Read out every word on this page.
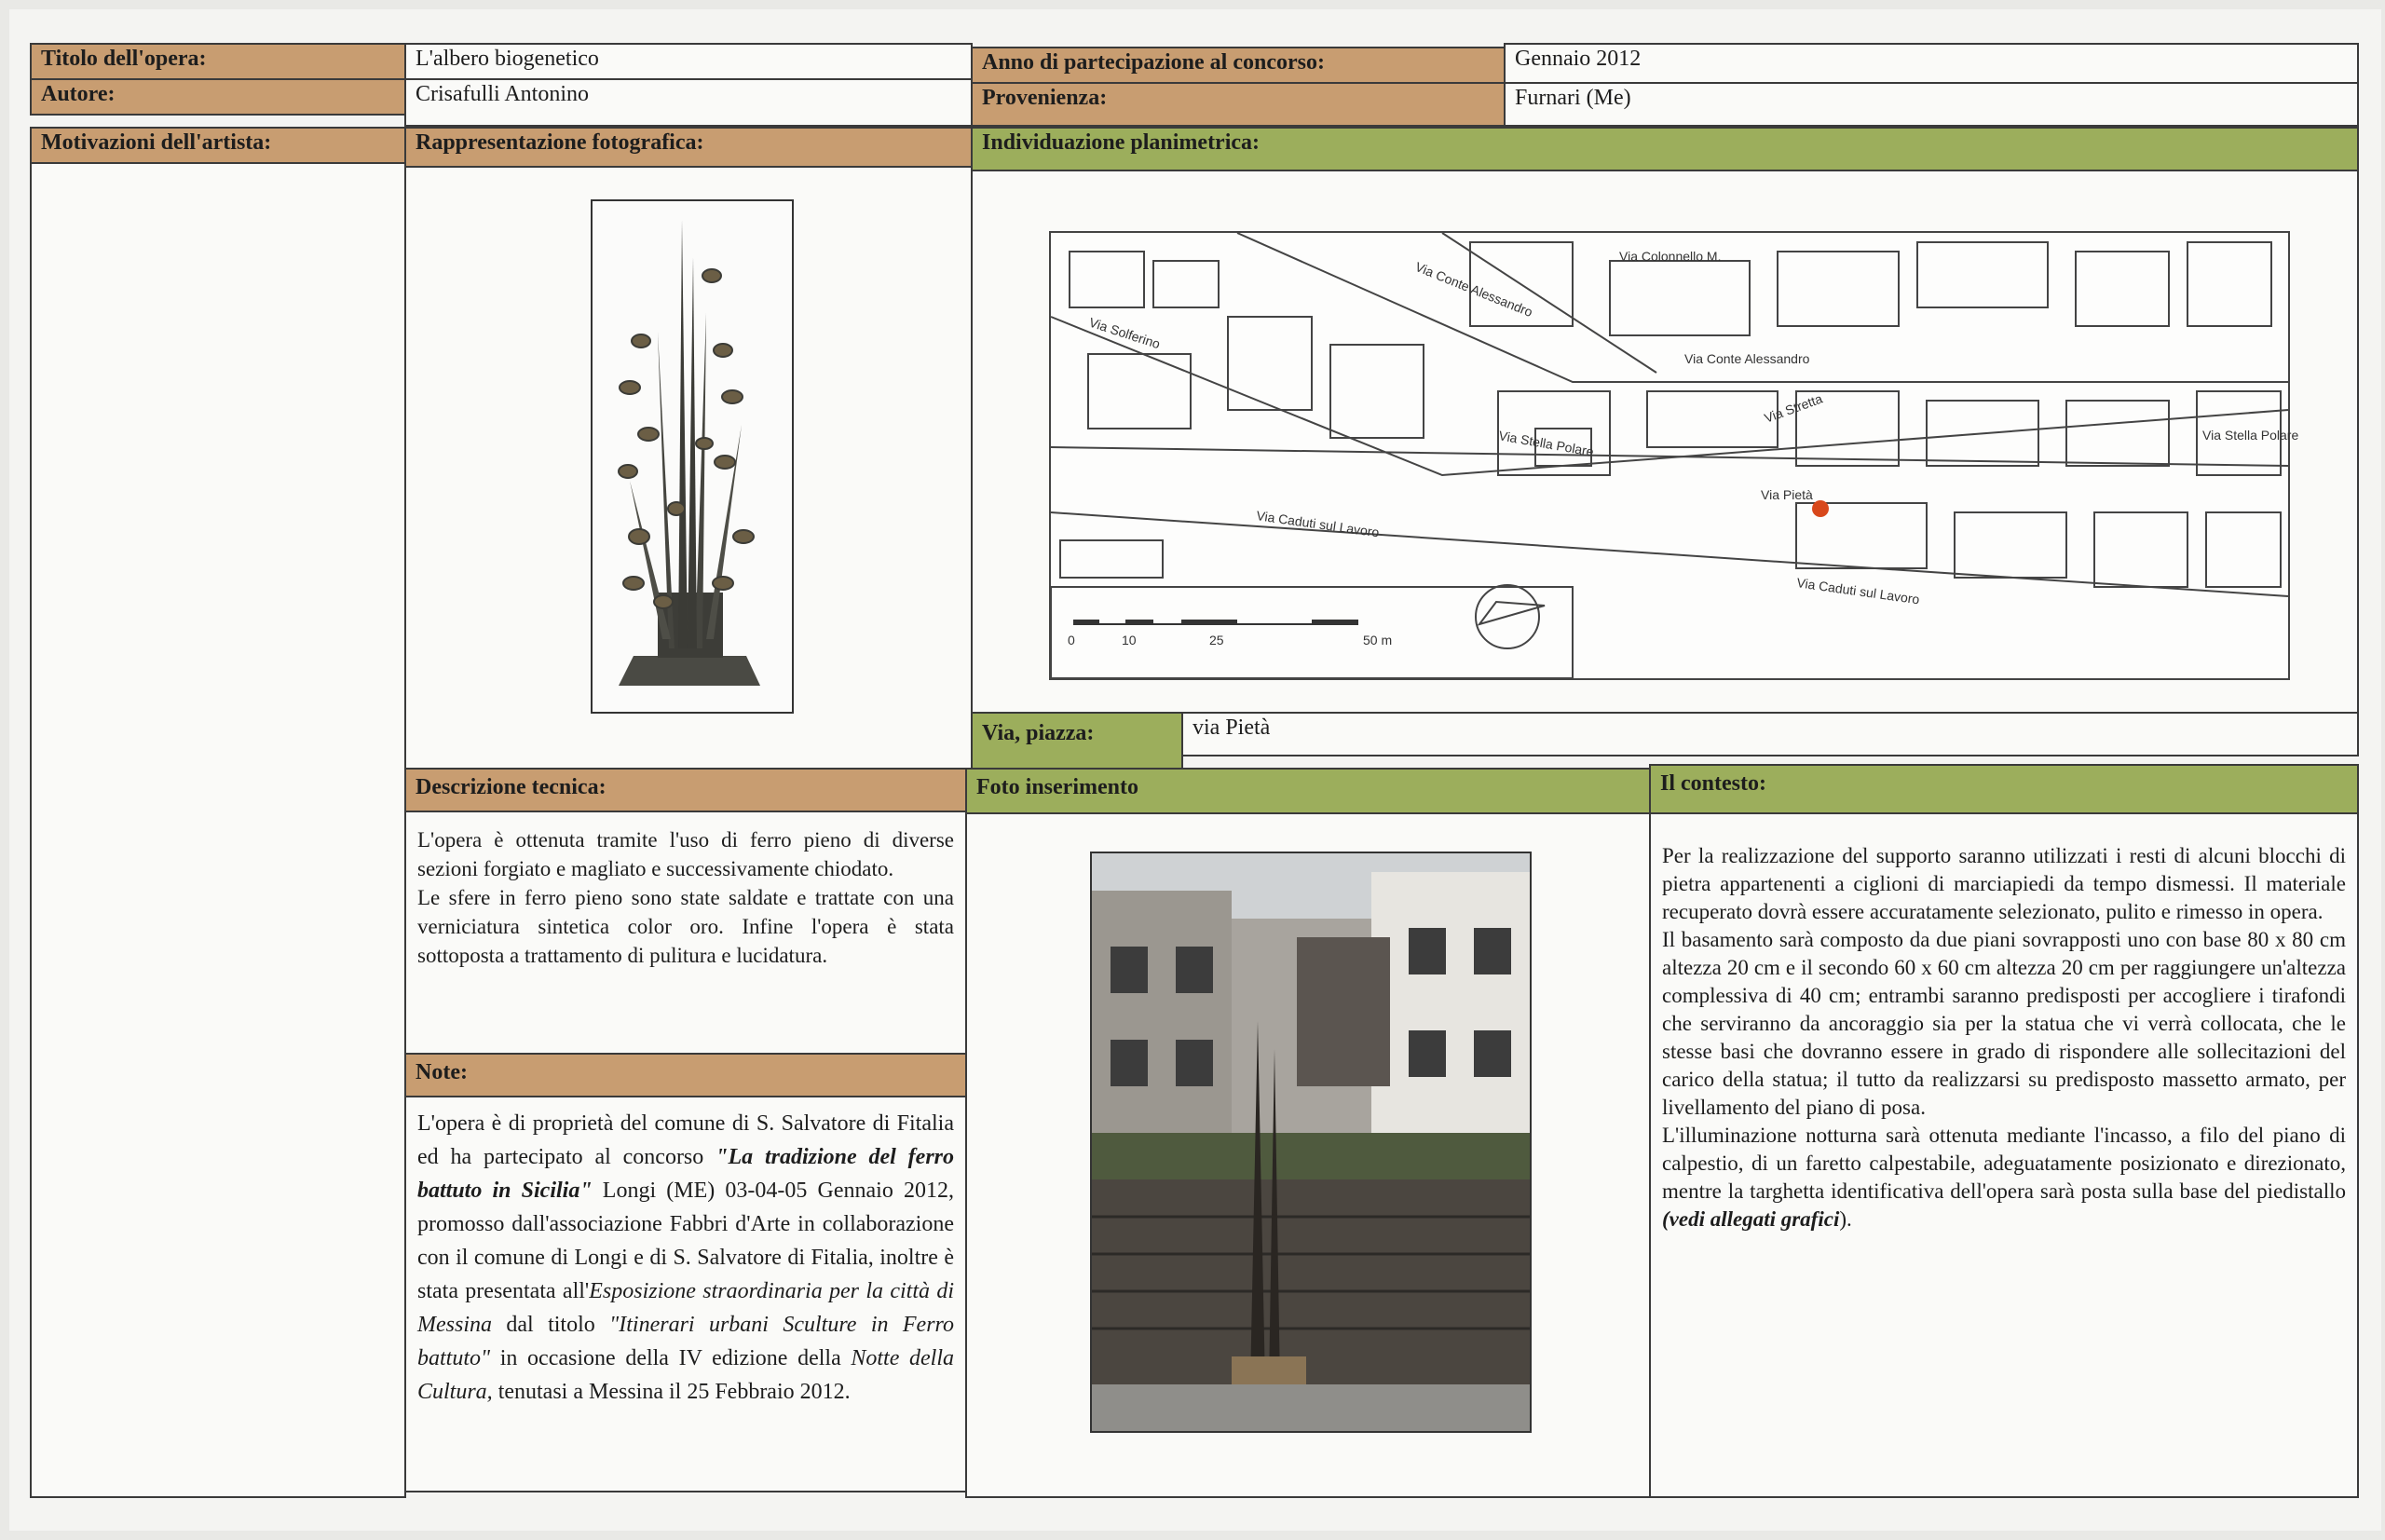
Titolo dell'opera:	L'albero biogenetico	Anno di partecipazione al concorso:	Gennaio 2012
Autore:	Crisafulli Antonino	Provenienza:	Furnari (Me)
Motivazioni dell'artista:	Rappresentazione fotografica:	Individuazione planimetrica:
0	10	25	50 m
Via Colonnello M.
Via Conte Alessandro
Via Conte Alessandro
Via Solferino
Via Stella Polare
Via Stretta
Via Stella Polare
Via Pietà
Via Caduti sul Lavoro
Via Caduti sul Lavoro
Via, piazza:	via Pietà
Descrizione tecnica:	Foto inserimento	Il contesto:

L'opera è ottenuta tramite l'uso di ferro pieno di diverse sezioni forgiato e magliato e successivamente chiodato.

Le sfere in ferro pieno sono state saldate e trattate con una verniciatura sintetica color oro. Infine l'opera è stata sottoposta a trattamento di pulitura e lucidatura.

Note:

L'opera è di proprietà del comune di S. Salvatore di Fitalia ed ha partecipato al concorso "La tradizione del ferro battuto in Sicilia" Longi (ME) 03-04-05 Gennaio 2012, promosso dall'associazione Fabbri d'Arte in collaborazione con il comune di Longi e di S. Salvatore di Fitalia, inoltre è stata presentata all'Esposizione straordinaria per la città di Messina dal titolo "Itinerari urbani Sculture in Ferro battuto" in occasione della IV edizione della Notte della Cultura, tenutasi a Messina il 25 Febbraio 2012.

Per la realizzazione del supporto saranno utilizzati i resti di alcuni blocchi di pietra appartenenti a ciglioni di marciapiedi da tempo dismessi. Il materiale recuperato dovrà essere accuratamente selezionato, pulito e rimesso in opera.

Il basamento sarà composto da due piani sovrapposti uno con base 80 x 80 cm altezza 20 cm e il secondo 60 x 60 cm altezza 20 cm per raggiungere un'altezza complessiva di 40 cm; entrambi saranno predisposti per accogliere i tirafondi che serviranno da ancoraggio sia per la statua che vi verrà collocata, che le stesse basi che dovranno essere in grado di rispondere alle sollecitazioni del carico della statua; il tutto da realizzarsi su predisposto massetto armato, per livellamento del piano di posa.

L'illuminazione notturna sarà ottenuta mediante l'incasso, a filo del piano di calpestio, di un faretto calpestabile, adeguatamente posizionato e direzionato, mentre la targhetta identificativa dell'opera sarà posta sulla base del piedistallo (vedi allegati grafici).
